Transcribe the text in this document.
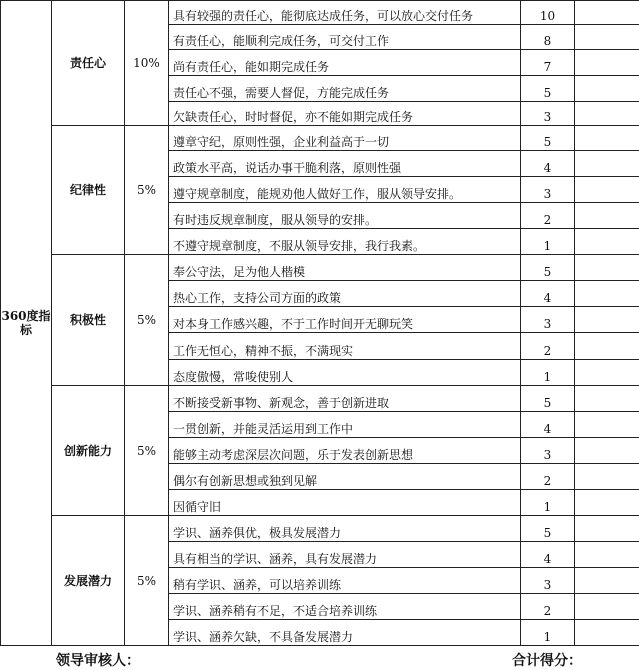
360度指标	责任心	10%	具有较强的责任心，能彻底达成任务，可以放心交付任务	10	
			有责任心，能顺利完成任务，可交付工作	8	
			尚有责任心，能如期完成任务	7	
			责任心不强，需要人督促，方能完成任务	5	
			欠缺责任心，时时督促，亦不能如期完成任务	3	
	纪律性	5%	遵章守纪，原则性强，企业利益高于一切	5	
			政策水平高，说话办事干脆利落，原则性强	4	
			遵守规章制度，能规劝他人做好工作，服从领导安排。	3	
			有时违反规章制度，服从领导的安排。	2	
			不遵守规章制度，不服从领导安排，我行我素。	1	
	积极性	5%	奉公守法，足为他人楷模	5	
			热心工作，支持公司方面的政策	4	
			对本身工作感兴趣，不于工作时间开无聊玩笑	3	
			工作无恒心，精神不振，不满现实	2	
			态度傲慢，常唆使别人	1	
	创新能力	5%	不断接受新事物、新观念，善于创新进取	5	
			一贯创新，并能灵活运用到工作中	4	
			能够主动考虑深层次问题，乐于发表创新思想	3	
			偶尔有创新思想或独到见解	2	
			因循守旧	1	
	发展潜力	5%	学识、涵养俱优，极具发展潜力	5	
			具有相当的学识、涵养，具有发展潜力	4	
			稍有学识、涵养，可以培养训练	3	
			学识、涵养稍有不足，不适合培养训练	2	
			学识、涵养欠缺，不具备发展潜力	1	
领导审核人：	合计得分：
